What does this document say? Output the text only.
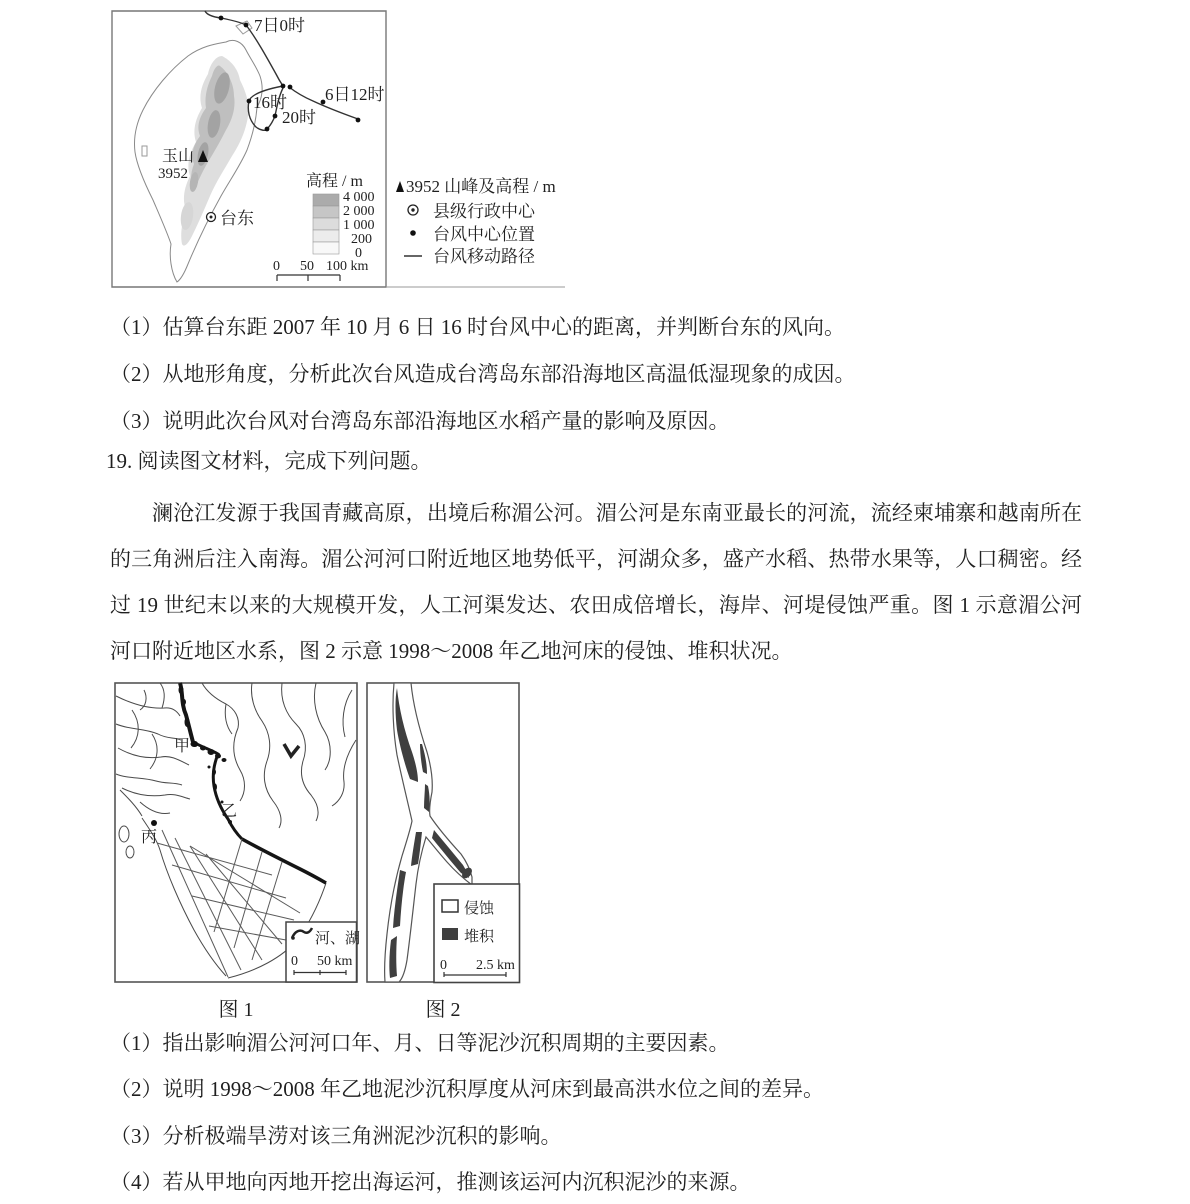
7日0时
6日12时
16时
20时
玉山
3952
台东
高程 / m
4 000
2 000
1 000
200
0
0 50 100 km
3952 山峰及高程 / m
县级行政中心
台风中心位置
台风移动路径
（1）估算台东距 2007 年 10 月 6 日 16 时台风中心的距离，并判断台东的风向。
（2）从地形角度，分析此次台风造成台湾岛东部沿海地区高温低湿现象的成因。
（3）说明此次台风对台湾岛东部沿海地区水稻产量的影响及原因。
19. 阅读图文材料，完成下列问题。
澜沧江发源于我国青藏高原，出境后称湄公河。湄公河是东南亚最长的河流，流经柬埔寨和越南所在的三角洲后注入南海。湄公河河口附近地区地势低平，河湖众多，盛产水稻、热带水果等，人口稠密。经过 19 世纪末以来的大规模开发，人工河渠发达、农田成倍增长，海岸、河堤侵蚀严重。图 1 示意湄公河河口附近地区水系，图 2 示意 1998～2008 年乙地河床的侵蚀、堆积状况。
甲
乙
丙
河、湖
0 50 km
侵蚀
堆积
0 2.5 km
图 1	图 2
（1）指出影响湄公河河口年、月、日等泥沙沉积周期的主要因素。
（2）说明 1998～2008 年乙地泥沙沉积厚度从河床到最高洪水位之间的差异。
（3）分析极端旱涝对该三角洲泥沙沉积的影响。
（4）若从甲地向丙地开挖出海运河，推测该运河内沉积泥沙的来源。
